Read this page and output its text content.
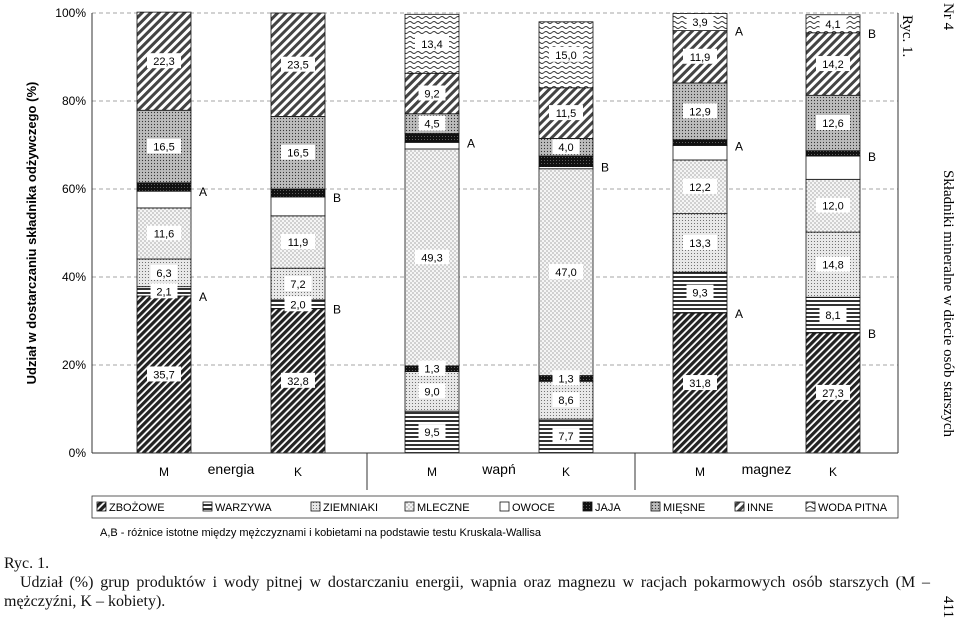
35,7
2,1
6,3
11,6
16,5
22,3
32,8
2,0
7,2
11,9
16,5
23,5
9,5
9,0
1,3
49,3
4,5
9,2
13,4
7,7
8,6
1,3
47,0
4,0
11,5
15,0
31,8
9,3
13,3
12,2
12,9
11,9
3,9
27,3
8,1
14,8
12,0
12,6
14,2
4,1
A
B
A	B
A
B
A
B
A
B
A	B
0%
20%
40%
60%
80%
100%
Udział w dostarczaniu składnika odżywczego (%)
M	K	M	K	M	K
energia	wapń	magnez
ZBOŻOWE	WARZYWA	ZIEMNIAKI	MLECZNE	OWOCE	JAJA	MIĘSNE	INNE	WODA PITNA
A,B - różnice istotne między mężczyznami i kobietami na podstawie testu Kruskala-Wallisa
Ryc. 1.
Składniki mineralne w diecie osób starszych
Nr 4
411
Ryc. 1.
Udział (%) grup produktów i wody pitnej w dostarczaniu energii, wapnia oraz magnezu w racjach pokarmowych osób starszych (M – mężczyźni, K – kobiety).
